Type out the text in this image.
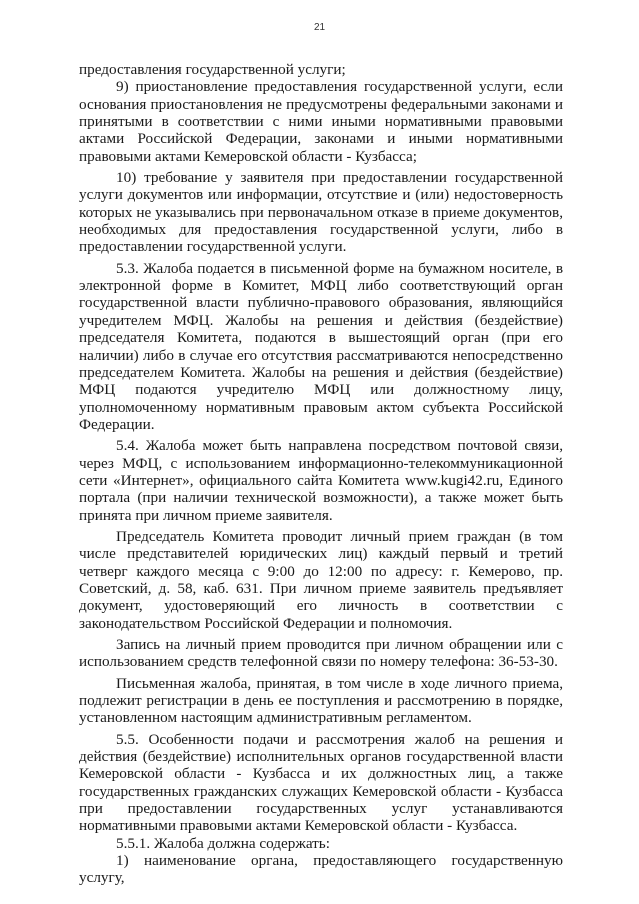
21

предоставления государственной услуги;

9) приостановление предоставления государственной услуги, если основания приостановления не предусмотрены федеральными законами и принятыми в соответствии с ними иными нормативными правовыми актами Российской Федерации, законами и иными нормативными правовыми актами Кемеровской области - Кузбасса;

10) требование у заявителя при предоставлении государственной услуги документов или информации, отсутствие и (или) недостоверность которых не указывались при первоначальном отказе в приеме документов, необходимых для предоставления государственной услуги, либо в предоставлении государственной услуги.

5.3. Жалоба подается в письменной форме на бумажном носителе, в электронной форме в Комитет, МФЦ либо соответствующий орган государственной власти публично-правового образования, являющийся учредителем МФЦ. Жалобы на решения и действия (бездействие) председателя Комитета, подаются в вышестоящий орган (при его наличии) либо в случае его отсутствия рассматриваются непосредственно председателем Комитета. Жалобы на решения и действия (бездействие) МФЦ подаются учредителю МФЦ или должностному лицу, уполномоченному нормативным правовым актом субъекта Российской Федерации.

5.4. Жалоба может быть направлена посредством почтовой связи, через МФЦ, с использованием информационно-телекоммуникационной сети «Интернет», официального сайта Комитета www.kugi42.ru, Единого портала (при наличии технической возможности), а также может быть принята при личном приеме заявителя.

Председатель Комитета проводит личный прием граждан (в том числе представителей юридических лиц) каждый первый и третий четверг каждого месяца с 9:00 до 12:00 по адресу: г. Кемерово, пр. Советский, д. 58, каб. 631. При личном приеме заявитель предъявляет документ, удостоверяющий его личность в соответствии с законодательством Российской Федерации и полномочия.

Запись на личный прием проводится при личном обращении или с использованием средств телефонной связи по номеру телефона: 36-53-30.

Письменная жалоба, принятая, в том числе в ходе личного приема, подлежит регистрации в день ее поступления и рассмотрению в порядке, установленном настоящим административным регламентом.

5.5. Особенности подачи и рассмотрения жалоб на решения и действия (бездействие) исполнительных органов государственной власти Кемеровской области - Кузбасса и их должностных лиц, а также государственных гражданских служащих Кемеровской области - Кузбасса при предоставлении государственных услуг устанавливаются нормативными правовыми актами Кемеровской области - Кузбасса.

5.5.1. Жалоба должна содержать:

1) наименование органа, предоставляющего государственную услугу,
